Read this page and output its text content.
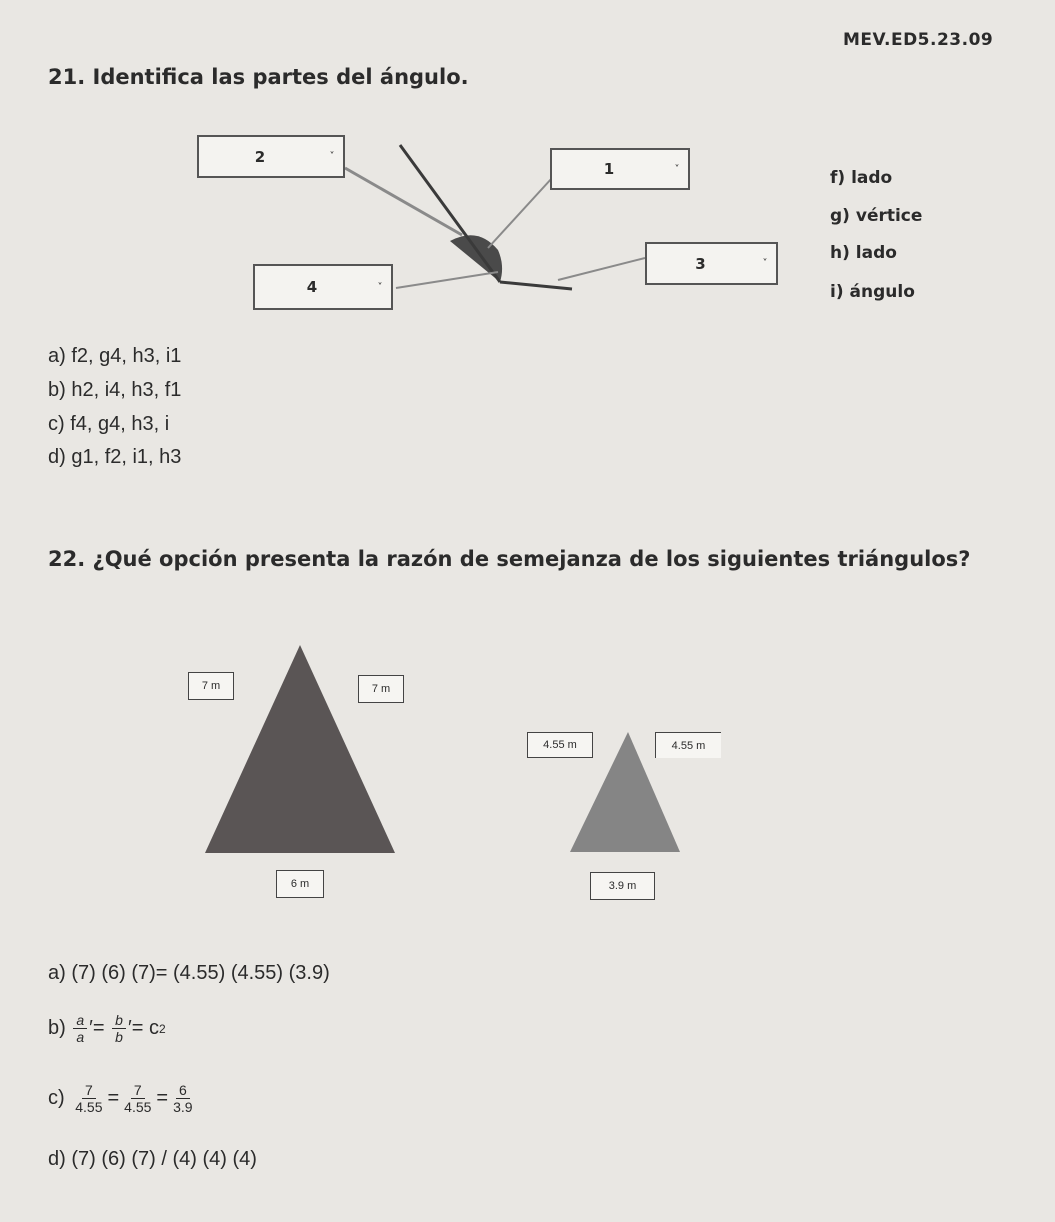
MEV.ED5.23.09
21. Identifica las partes del ángulo.
2	˅
1	˅
3	˅
4	˅
f) lado
g) vértice
h) lado
i) ángulo
a) f2, g4, h3, i1
b) h2, i4, h3, f1
c) f4, g4, h3, i
d) g1, f2, i1, h3
22. ¿Qué opción presenta la razón de semejanza de los siguientes triángulos?
7 m	7 m
6 m
4.55 m	4.55 m
3.9 m
a) (7) (6) (7)= (4.55) (4.55) (3.9)
b)
$\frac{a}{a}$ ′ =
$\frac{b}{b}$ ′ = c 2
c)
$\frac{7}{4.55} = \frac{7}{4.55} = \frac{6}{3.9}$
d) (7) (6) (7) / (4) (4) (4)
